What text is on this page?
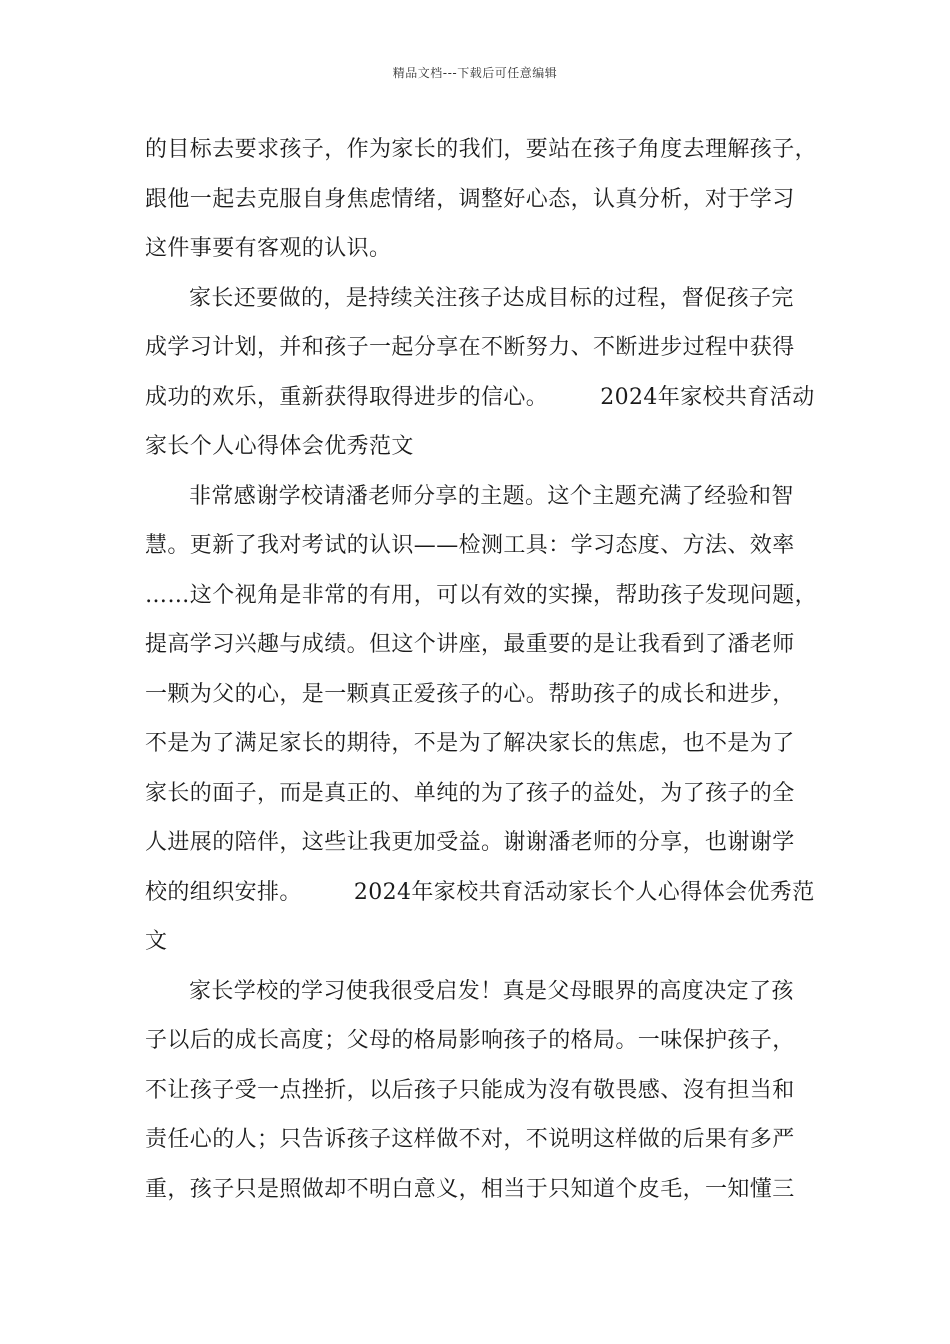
精品文档---下载后可任意编辑
的目标去要求孩子，作为家长的我们，要站在孩子角度去理解孩子，
跟他一起去克服自身焦虑情绪，调整好心态，认真分析，对于学习
这件事要有客观的认识。
家长还要做的，是持续关注孩子达成目标的过程，督促孩子完
成学习计划，并和孩子一起分享在不断努力、不断进步过程中获得
成功的欢乐，重新获得取得进步的信心。 2024年家校共育活动
家长个人心得体会优秀范文
非常感谢学校请潘老师分享的主题。这个主题充满了经验和智
慧。更新了我对考试的认识——检测工具：学习态度、方法、效率
……这个视角是非常的有用，可以有效的实操，帮助孩子发现问题，
提高学习兴趣与成绩。但这个讲座，最重要的是让我看到了潘老师
一颗为父的心，是一颗真正爱孩子的心。帮助孩子的成长和进步，
不是为了满足家长的期待，不是为了解决家长的焦虑，也不是为了
家长的面子，而是真正的、单纯的为了孩子的益处，为了孩子的全
人进展的陪伴，这些让我更加受益。谢谢潘老师的分享，也谢谢学
校的组织安排。 2024年家校共育活动家长个人心得体会优秀范
文
家长学校的学习使我很受启发！真是父母眼界的高度决定了孩
子以后的成长高度；父母的格局影响孩子的格局。一味保护孩子，
不让孩子受一点挫折，以后孩子只能成为沒有敬畏感、沒有担当和
责任心的人；只告诉孩子这样做不对，不说明这样做的后果有多严
重，孩子只是照做却不明白意义，相当于只知道个皮毛，一知懂三
